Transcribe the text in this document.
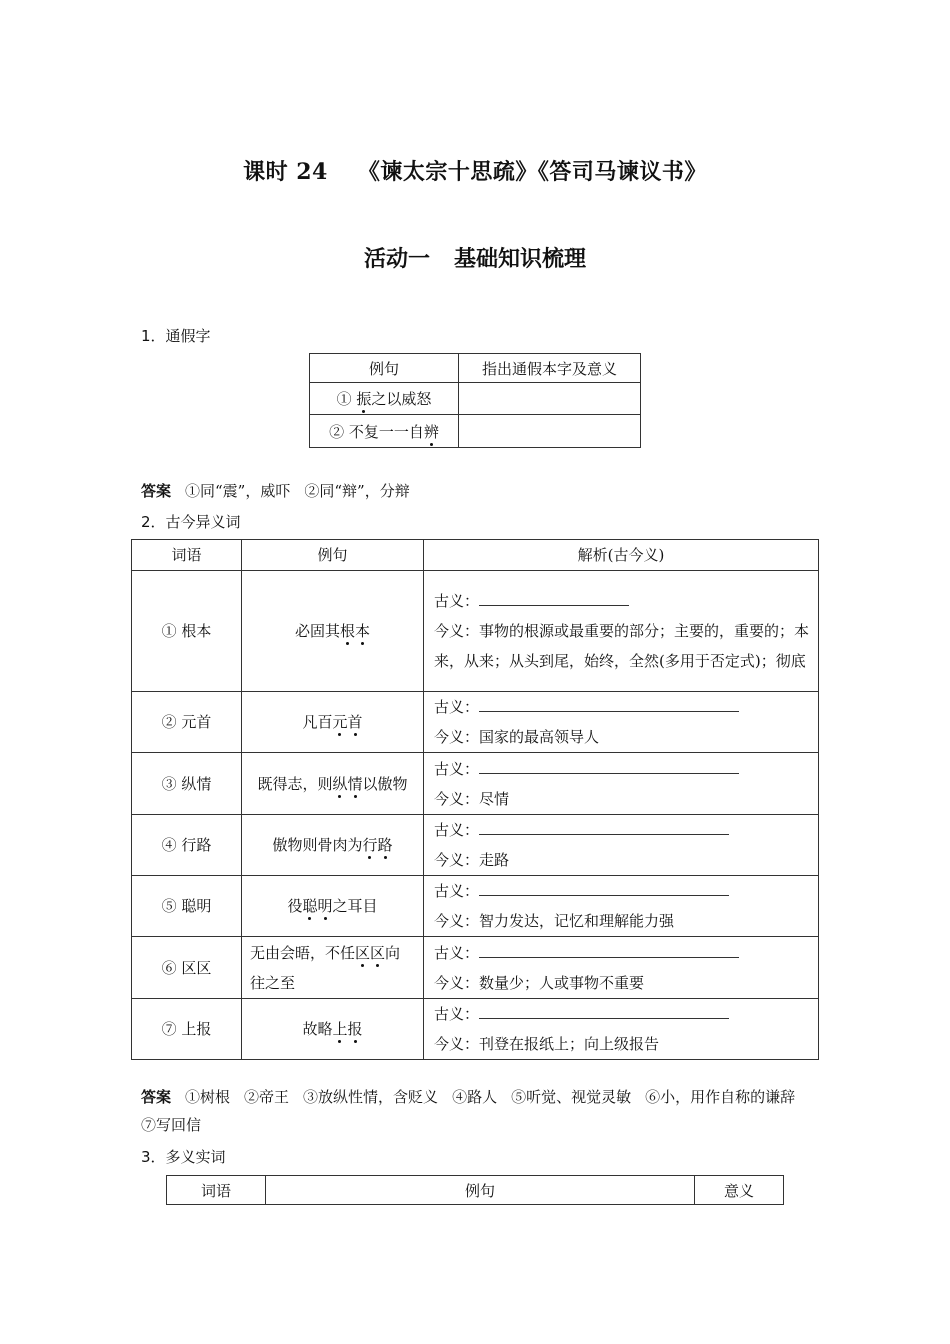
课时 24 《谏太宗十思疏》《答司马谏议书》
活动一 基础知识梳理
1．通假字
例句	指出通假本字及意义
① 振之以威怒	
② 不复一一自辨	
答案 ①同“震”，威吓 ②同“辩”，分辩
2．古今异义词
词语	例句	解析(古今义)
① 根本	必固其根本	古义：
今义：事物的根源或最重要的部分；主要的，重要的；本来，从来；从头到尾，始终，全然(多用于否定式)；彻底

② 元首	凡百元首	古义：
今义：国家的最高领导人

③ 纵情	既得志，则纵情以傲物	古义：
今义：尽情

④ 行路	傲物则骨肉为行路	古义：
今义：走路

⑤ 聪明	役聪明之耳目	古义：
今义：智力发达，记忆和理解能力强

⑥ 区区	无由会晤，不任区区向往之至	古义：
今义：数量少；人或事物不重要

⑦ 上报	故略上报	古义：
今义：刊登在报纸上；向上级报告
答案 ①树根 ②帝王 ③放纵性情，含贬义 ④路人 ⑤听觉、视觉灵敏 ⑥小，用作自称的谦辞⑦写回信
3．多义实词
词语	例句	意义
